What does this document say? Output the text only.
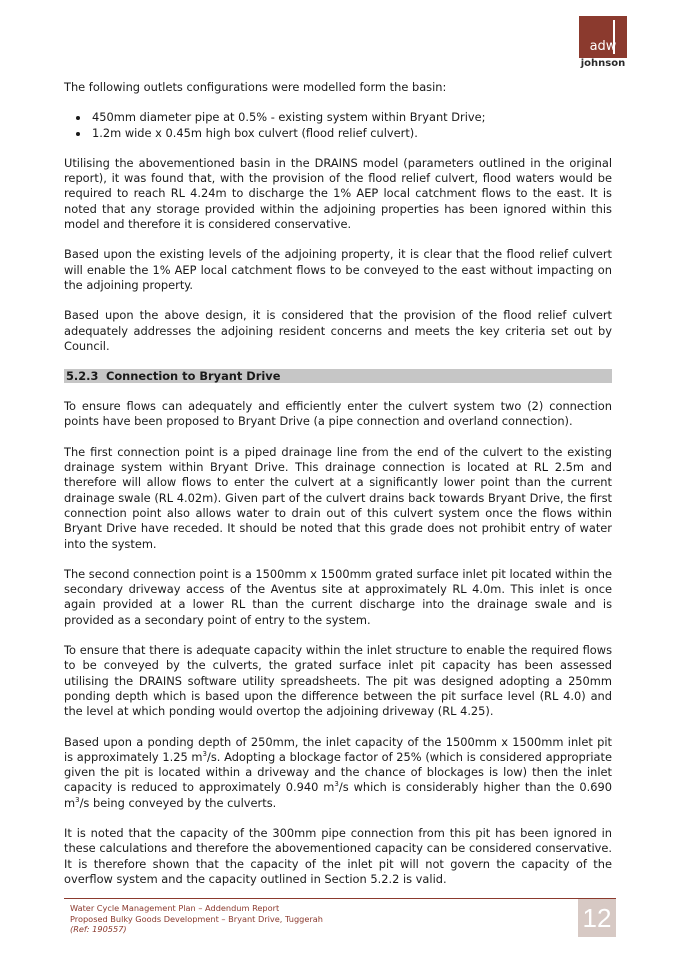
adw
johnson

The following outlets configurations were modelled form the basin:

• 450mm diameter pipe at 0.5% - existing system within Bryant Drive;
• 1.2m wide x 0.45m high box culvert (flood relief culvert).

Utilising the abovementioned basin in the DRAINS model (parameters outlined in the original report), it was found that, with the provision of the flood relief culvert, flood waters would be required to reach RL 4.24m to discharge the 1% AEP local catchment flows to the east. It is noted that any storage provided within the adjoining properties has been ignored within this model and therefore it is considered conservative.

Based upon the existing levels of the adjoining property, it is clear that the flood relief culvert will enable the 1% AEP local catchment flows to be conveyed to the east without impacting on the adjoining property.

Based upon the above design, it is considered that the provision of the flood relief culvert adequately addresses the adjoining resident concerns and meets the key criteria set out by Council.

5.2.3 Connection to Bryant Drive

To ensure flows can adequately and efficiently enter the culvert system two (2) connection points have been proposed to Bryant Drive (a pipe connection and overland connection).

The first connection point is a piped drainage line from the end of the culvert to the existing drainage system within Bryant Drive. This drainage connection is located at RL 2.5m and therefore will allow flows to enter the culvert at a significantly lower point than the current drainage swale (RL 4.02m). Given part of the culvert drains back towards Bryant Drive, the first connection point also allows water to drain out of this culvert system once the flows within Bryant Drive have receded. It should be noted that this grade does not prohibit entry of water into the system.

The second connection point is a 1500mm x 1500mm grated surface inlet pit located within the secondary driveway access of the Aventus site at approximately RL 4.0m. This inlet is once again provided at a lower RL than the current discharge into the drainage swale and is provided as a secondary point of entry to the system.

To ensure that there is adequate capacity within the inlet structure to enable the required flows to be conveyed by the culverts, the grated surface inlet pit capacity has been assessed utilising the DRAINS software utility spreadsheets. The pit was designed adopting a 250mm ponding depth which is based upon the difference between the pit surface level (RL 4.0) and the level at which ponding would overtop the adjoining driveway (RL 4.25).

Based upon a ponding depth of 250mm, the inlet capacity of the 1500mm x 1500mm inlet pit is approximately 1.25 $m^3/s$. Adopting a blockage factor of 25% (which is considered appropriate given the pit is located within a driveway and the chance of blockages is low) then the inlet capacity is reduced to approximately 0.940 $m^3/s$ which is considerably higher than the 0.690 $m^3/s$ being conveyed by the culverts.

It is noted that the capacity of the 300mm pipe connection from this pit has been ignored in these calculations and therefore the abovementioned capacity can be considered conservative. It is therefore shown that the capacity of the inlet pit will not govern the capacity of the overflow system and the capacity outlined in Section 5.2.2 is valid.

Water Cycle Management Plan – Addendum Report
Proposed Bulky Goods Development – Bryant Drive, Tuggerah
(Ref: 190557)	12
